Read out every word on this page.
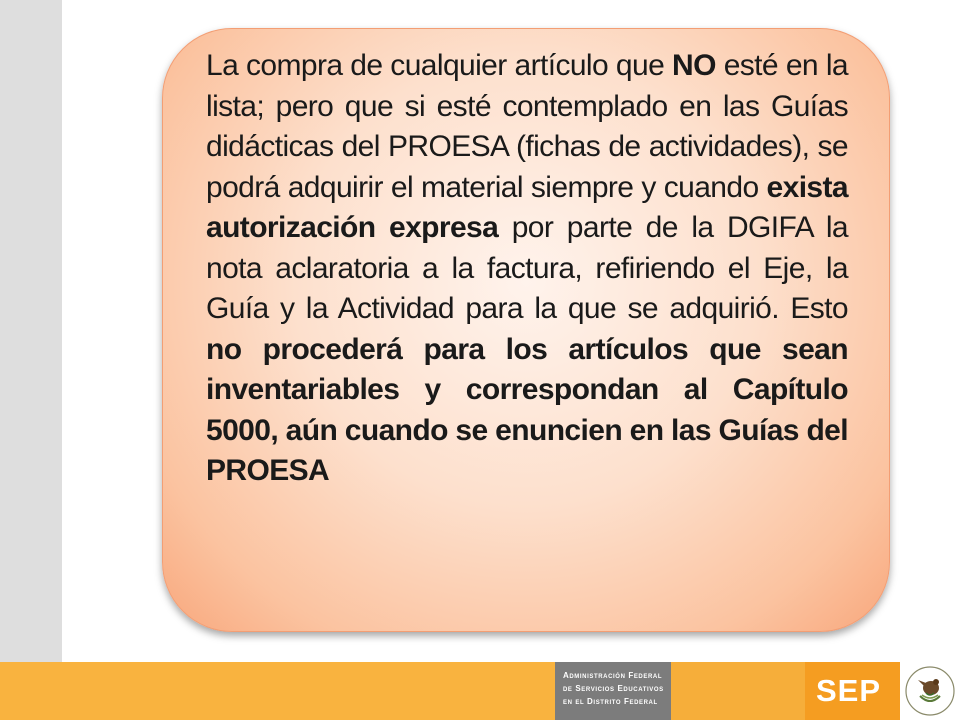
La compra de cualquier artículo que NO esté en la lista; pero que si esté contemplado en las Guías didácticas del PROESA (fichas de actividades), se podrá adquirir el material siempre y cuando exista autorización expresa por parte de la DGIFA la nota aclaratoria a la factura, refiriendo el Eje, la Guía y la Actividad para la que se adquirió. Esto no procederá para los artículos que sean inventariables y correspondan al Capítulo 5000, aún cuando se enuncien en las Guías del PROESA

Administración Federal
de Servicios Educativos
en el Distrito Federal	SEP
